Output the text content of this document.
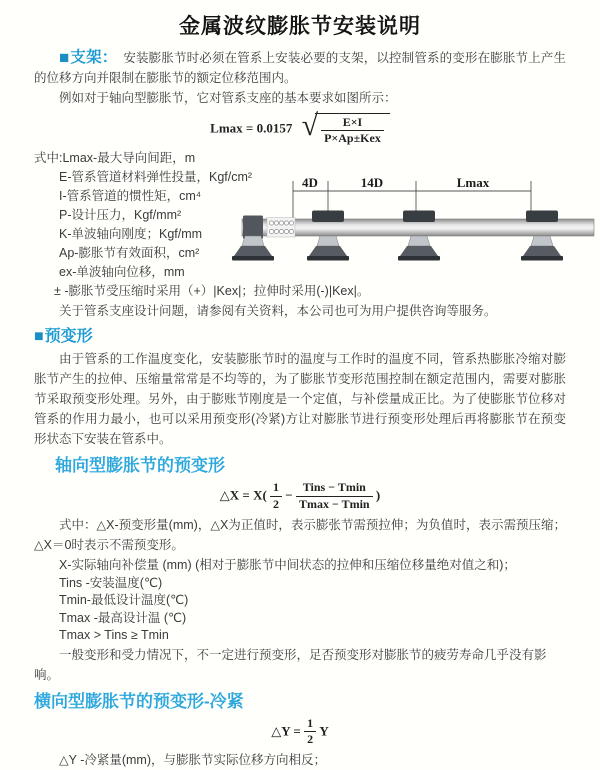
金属波纹膨胀节安装说明

■支架： 安装膨胀节时必须在管系上安装必要的支架，以控制管系的变形在膨胀节上产生的位移方向并限制在膨胀节的额定位移范围内。

例如对于轴向型膨胀节，它对管系支座的基本要求如图所示：

Lmax = 0.0157 √ $\frac{E\times I}{\text{P×Ap±Kex}}$
式中:Lmax-最大导向间距，m
E-管系管道材料弹性投量，Kgf/cm²
I-管系管道的惯性矩，cm⁴
P-设计压力，Kgf/mm²
K-单波轴向刚度；Kgf/mm
Ap-膨胀节有效面积，cm²
ex-单波轴向位移，mm
± -膨胀节受压缩时采用（+）|Kex|；拉伸时采用(-)|Kex|。
4D	14D	Lmax

关于管系支座设计问题，请参阅有关资料，本公司也可为用户提供咨询等服务。

■预变形

由于管系的工作温度变化，安装膨胀节时的温度与工作时的温度不同，管系热膨胀冷缩对膨胀节产生的拉伸、压缩量常常是不均等的，为了膨胀节变形范围控制在额定范围内，需要对膨胀节采取预变形处理。另外，由于膨账节刚度是一个定值，与补偿量成正比。为了使膨胀节位移对管系的作用力最小，也可以采用预变形(冷紧)方让对膨胀节进行预变形处理后再将膨胀节在预变形状态下安装在管系中。

轴向型膨胀节的预变形
△X = $X( \frac{1}{2} - \frac{\text{Tins − Tmin}}{Tmax - Tmin}$ )

式中：△X-预变形量(mm)，△X为正值时，表示膨张节需预拉伸；为负值时，表示需预压缩；△X＝0时表示不需预变形。

X-实际轴向补偿量 (mm) (相对于膨胀节中间状态的拉伸和压缩位移量绝对值之和)；

Tins -安装温度(℃)
Tmin-最低设计温度(℃)
Tmax -最高设计温 (℃)
Tmax > Tins ≥ Tmin

一般变形和受力情况下，不一定进行预变形，足否预变形对膨胀节的疲劳寿命几乎没有影响。

横向型膨胀节的预变形-冷紧
△Y = $\frac{1}{2}$ Y

△Y -冷紧量(mm)，与膨胀节实际位移方向相反；
